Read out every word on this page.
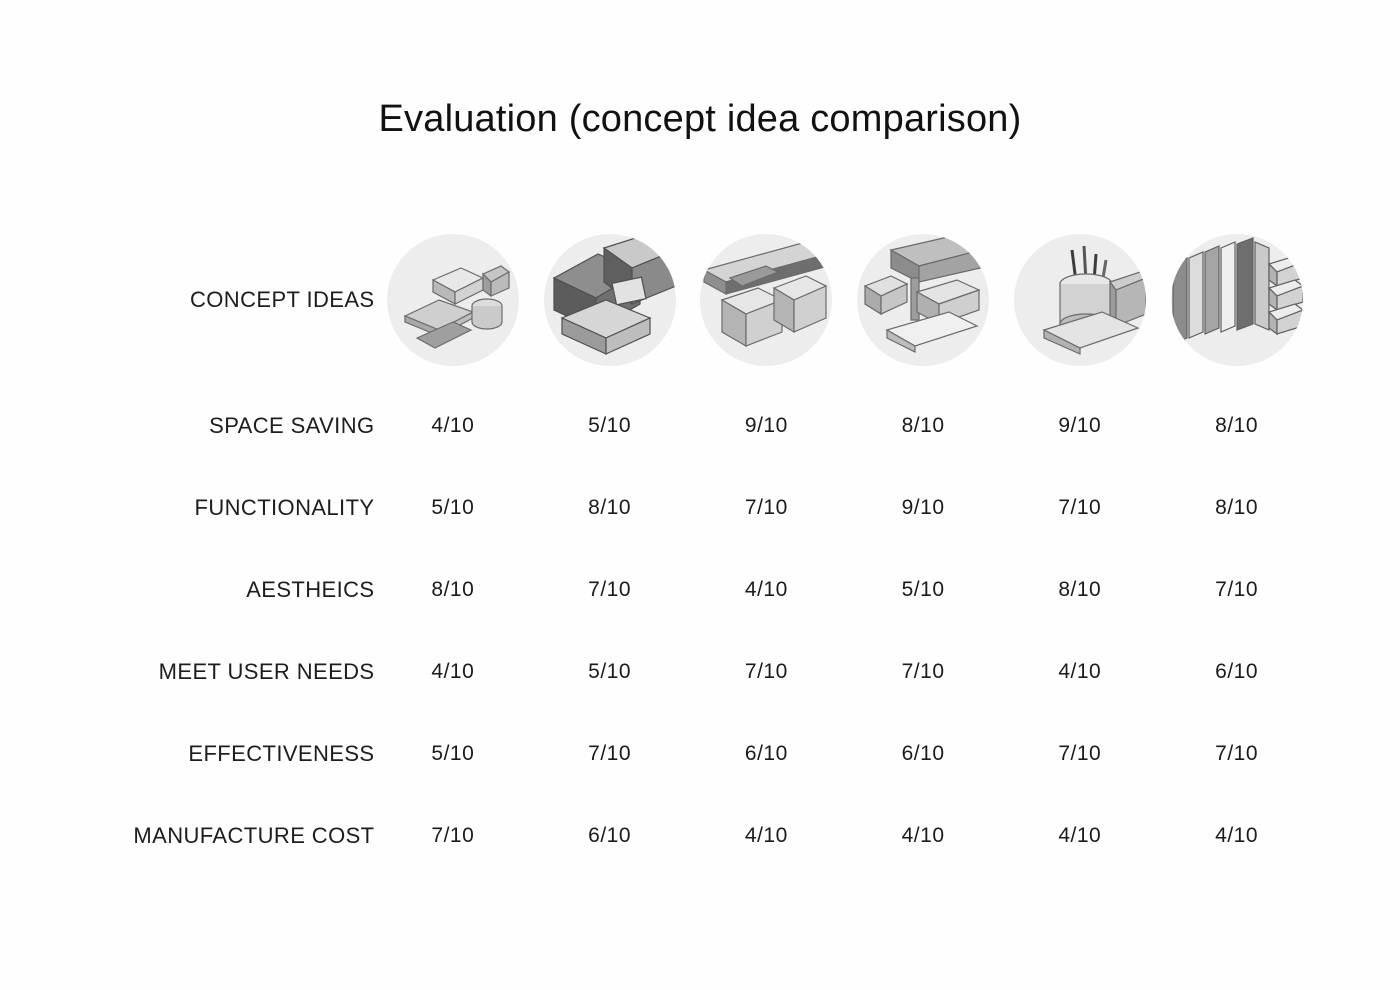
Evaluation (concept idea comparison)
CONCEPT IDEAS	

SPACE SAVING	4/10	5/10	9/10	8/10	9/10	8/10
FUNCTIONALITY	5/10	8/10	7/10	9/10	7/10	8/10
AESTHEICS	8/10	7/10	4/10	5/10	8/10	7/10
MEET USER NEEDS	4/10	5/10	7/10	7/10	4/10	6/10
EFFECTIVENESS	5/10	7/10	6/10	6/10	7/10	7/10
MANUFACTURE COST	7/10	6/10	4/10	4/10	4/10	4/10
